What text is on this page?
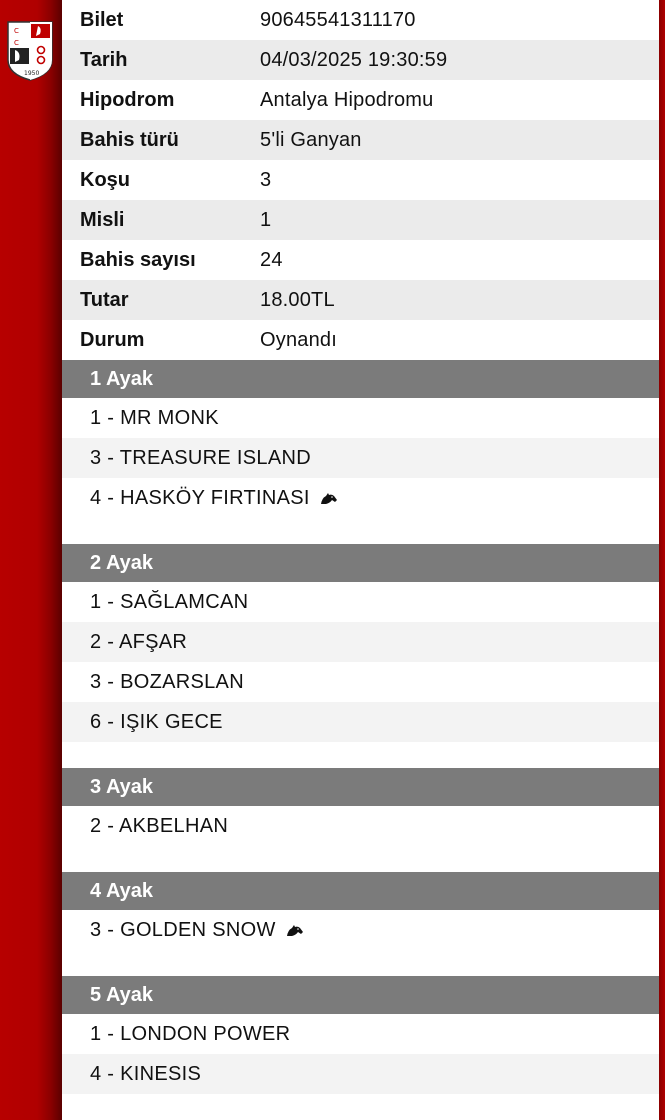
C
C
1950
Bilet	90645541311170
Tarih	04/03/2025 19:30:59
Hipodrom	Antalya Hipodromu
Bahis türü	5'li Ganyan
Koşu	3
Misli	1
Bahis sayısı	24
Tutar	18.00TL
Durum	Oynandı
1 Ayak
1 - MR MONK
3 - TREASURE ISLAND
4 - HASKÖY FIRTINASI
2 Ayak
1 - SAĞLAMCAN
2 - AFŞAR
3 - BOZARSLAN
6 - IŞIK GECE
3 Ayak
2 - AKBELHAN
4 Ayak
3 - GOLDEN SNOW
5 Ayak
1 - LONDON POWER
4 - KINESIS
